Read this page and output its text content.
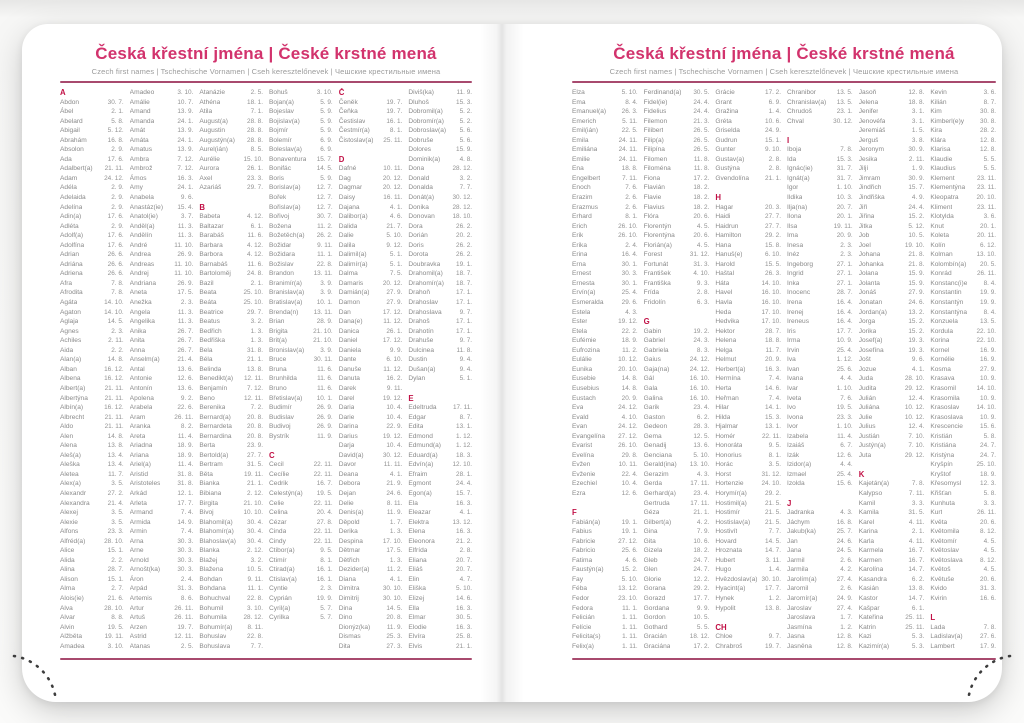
Česká křestní jména | České krstné mená
Czech first names | Tschechische Vornamen | Cseh keresztelőnevek | Чешские крестильные имена
A
Abdon	30. 7.
Ábel	2. 1.
Abelard	5. 8.
Abigail	5. 12.
Abrahám	16. 8.
Absolon	2. 9.
Ada	17. 6.
Adalbert(a) 21. 11.
Adam	24. 12.
Adéla	2. 9.
Adelaida	2. 9.
Adelína	2. 9.
Adin(a)	17. 6.
Adléta	2. 9.
Adolf(a)	17. 6.
Adolfína	17. 6.
Adrian	26. 6.
Adriána	26. 6.
Adriena	26. 6.
Afra	7. 8.
Afrodita	7. 8.
Agáta	14. 10.
Agaton	14. 10.
Aglaja	14. 5.
Agnes	2. 3.
Achiles	2. 11.
Aida	2. 2.
Alan(a)	14. 8.
Alban	16. 12.
Albena	16. 12.
Albert(a)	21. 11.
Albertýna	21. 11.
Albín(a)	16. 12.
Albrecht	21. 11.
Aldo	21. 11.
Alen	14. 8.
Alena	13. 8.
Aleš(a)	13. 4.
Aleška	13. 4.
Aletea	11. 7.
Alex(a)	3. 5.
Alexandr	27. 2.
Alexandra	21. 4.
Alexej	3. 5.
Alexie	3. 5.
Alfons	23. 3.
Alfréd(a)	28. 10.
Alice	15. 1.
Alida	2. 2.
Alina	28. 7.
Alison	15. 1.
Alma	2. 7.
Alois(ie)	21. 6.
Alva	28. 10.
Alvar	8. 8.
Alvin	19. 5.
Alžběta	19. 11.
Amadea	3. 10.
Amadeo	3. 10.
Amálie	10. 7.
Amand	13. 9.
Amanda	24. 1.
Amát	13. 9.
Amáta	24. 1.
Amatus	13. 9.
Ambra	7. 12.
Ambrož	7. 12.
Ámos	16. 3.
Amy	24. 1.
Anabela	9. 6.
Anastáz(ie) 15. 4.
Anatol(ie)	3. 7.
Anděl(a)	11. 3.
Andělín	11. 3.
André	11. 10.
Andrea	26. 9.
Andreas	11. 10.
Andrej	11. 10.
Andriana	26. 9.
Aneta	17. 5.
Anežka	2. 3.
Angela	11. 3.
Angelika	11. 3.
Anika	26. 7.
Anita	26. 7.
Anna	26. 7.
Anselm(a)	21. 4.
Antal	13. 6.
Antonie	12. 6.
Antonín	13. 6.
Apolena	9. 2.
Arabela	22. 6.
Aram	26. 11.
Aranka	8. 2.
Areta	11. 4.
Ariadna	18. 9.
Ariana	18. 9.
Ariel(a)	11. 4.
Aristid	31. 8.
Aristoteles	31. 8.
Arkád	12. 1.
Arleta	17. 7.
Armand	7. 4.
Armida	14. 9.
Armin	7. 4.
Arna	30. 3.
Arne	30. 3.
Arnold	30. 3.
Arnošt(ka)	30. 3.
Áron	2. 4.
Arpád	31. 3.
Artemis	8. 6.
Artur	26. 11.
Artuš	26. 11.
Arzen	19. 7.
Astrid	12. 11.
Atanas	2. 5.
Atanázie	2. 5.
Athéna	18. 1.
Atila	7. 1.
August(a)	28. 8.
Augustin	28. 8.
Augustýn(a) 28. 8.
Aurel(ián)	8. 5.
Aurélie	15. 10.
Aurora	26. 1.
Axel	23. 3.
Azariáš	29. 7.
B
Babeta	4. 12.
Baltazar	6. 1.
Barabáš	11. 6.
Barbara	4. 12.
Barbora	4. 12.
Barnabáš	11. 6.
Bartoloměj	24. 8.
Bazil	2. 1.
Beata	25. 10.
Beáta	25. 10.
Beatrice	29. 7.
Beatus	3. 2.
Bedřich	1. 3.
Bedřiška	1. 3.
Bela	31. 8.
Béla	21. 1.
Belinda	13. 8.
Benedikt(a) 12. 11.
Benjamín	7. 12.
Beno	12. 11.
Berenika	7. 2.
Bernard(a)	20. 8.
Bernardeta 20. 8.
Bernardina 20. 8.
Berta	23. 9.
Bertold(a)	27. 7.
Bertram	31. 5.
Běta	19. 11.
Bianka	21. 1.
Bibiana	2. 12.
Birgita	21. 10.
Bivoj	10. 10.
Blahomil(a) 30. 4.
Blahomír(a) 30. 4.
Blahoslav(a) 30. 4.
Blanka	2. 12.
Blažej	3. 2.
Blažena	10. 5.
Bohdan	9. 11.
Bohdana	11. 1.
Bohuchval	22. 8.
Bohumil	3. 10.
Bohumila	28. 12.
Bohumír(a) 8. 11.
Bohuslav	22. 8.
Bohuslava	7. 7.
Bohuš	3. 10.
Bojan(a)	5. 9.
Bojeslav	5. 9.
Bojislav(a)	5. 9.
Bojmír	5. 9.
Bolemír	6. 9.
Boleslav(a)	6. 9.
Bonaventura 15. 7.
Bonifác	14. 5.
Boris	5. 9.
Borislav(a)	12. 7.
Bořek	12. 7.
Bořislav(a)	12. 7.
Bořivoj	30. 7.
Božena	11. 2.
Božetěch(a) 26. 2.
Božidar	9. 11.
Božidara	11. 1.
Božislav	22. 8.
Brandon	13. 11.
Branimír(a)	3. 9.
Branislav(a)	3. 9.
Bratislav(a) 10. 1.
Brenda(n) 13. 11.
Brian	28. 9.
Brigita	21. 10.
Brit(a)	21. 10.
Bronislav(a)	3. 9.
Bruce	30. 11.
Bruna	11. 6.
Brunhilda	11. 6.
Bruno	11. 6.
Břetislav(a) 10. 1.
Budimír	26. 9.
Budislav	26. 9.
Budivoj	26. 9.
Bystrík	11. 9.
C
Cecil	22. 11.
Cecílie	22. 11.
Cedrik	16. 7.
Celestýn(a) 19. 5.
Celie	22. 11.
Celina	20. 4.
Cézar	27. 8.
Cinda	22. 11.
Cindy	22. 11.
Ctibor(a)	9. 5.
Ctimír	8. 1.
Ctirad(a)	16. 1.
Ctislav(a)	16. 1.
Cyntie	2. 3.
Cyprián	19. 9.
Cyril(a)	5. 7.
Cyrilka	5. 7.
Č
Čeněk	19. 7.
Čeňka	19. 7.
Čestislav	16. 1.
Čestmír(a)	8. 1.
Čistoslav(a) 25. 11.
D
Dafné	10. 11.
Dag	20. 12.
Dagmar	20. 12.
Daisy	16. 11.
Dajana	4. 1.
Dalibor(a)	4. 6.
Dalida	21. 7.
Dalie	5. 10.
Dalila	9. 12.
Dalimil(a)	5. 1.
Dalimír(a)	5. 1.
Dalma	7. 5.
Damaris	20. 12.
Damián(a)	27. 9.
Damon	27. 9.
Dan	17. 12.
Dana(e)	11. 12.
Danica	26. 1.
Daniel	17. 12.
Daniela	9. 9.
Dante	6. 10.
Danuše	11. 12.
Danuta	16. 2.
Darek	9. 11.
Darel	19. 12.
Daria	10. 4.
Darie	10. 4.
Darina	22. 9.
Darius	19. 12.
Darja	10. 4.
David(a)	30. 12.
Davor	11. 11.
Deana	4. 1.
Debora	21. 9.
Dejan	24. 6.
Delie	8. 11.
Denis(a)	11. 9.
Děpold	1. 7.
Derika	1. 3.
Despina	17. 10.
Dětmar	17. 5.
Dětřich	1. 3.
Dezider(a)	11. 2.
Diana	4. 1.
Dimitra	30. 10.
Dimitrij	30. 10.
Dina	14. 5.
Dino	20. 8.
Dionýz(ka)	11. 9.
Dismas	25. 3.
Dita	27. 3.
Diviš(ka)	11. 9.
Dluhoš	15. 3.
Dobromil(a)	5. 2.
Dobromír(a) 5. 2.
Dobroslav(a) 5. 6.
Dobruše	5. 6.
Dolores	15. 9.
Dominik(a)	4. 8.
Dona	28. 12.
Donald	3. 2.
Donalda	7. 7.
Donát(a)	30. 12.
Donika	28. 12.
Donovan	18. 10.
Dora	26. 2.
Dorián	20. 2.
Doris	26. 2.
Dorota	26. 2.
Doubravka 19. 1.
Drahomil(a) 18. 7.
Drahomír(a) 18. 7.
Drahoň	17. 1.
Drahoslav	17. 1.
Drahoslava	9. 7.
Drahoš	17. 1.
Drahotín	17. 1.
Drahuše	9. 7.
Dulcinea	11. 8.
Dustin	9. 4.
Dušan(a)	9. 4.
Dylan	5. 1.
E
Edeltruda	17. 11.
Edgar	8. 7.
Edita	13. 1.
Edmond	1. 12.
Edmund(a) 1. 12.
Eduard(a)	18. 3.
Edvín(a)	12. 10.
Efraim	28. 1.
Egmont	24. 4.
Egon(a)	15. 7.
Ela	16. 3.
Eleazar	4. 1.
Elektra	13. 12.
Elena	16. 3.
Eleonora	21. 2.
Elfrída	2. 8.
Eliana	20. 7.
Eliáš	20. 7.
Elin	4. 7.
Eliška	5. 10.
Elizej	14. 6.
Ella	16. 3.
Elmar	30. 5.
Elodie	16. 3.
Elvíra	25. 8.
Elvis	21. 1.
Česká křestní jména | České krstné mená
Czech first names | Tschechische Vornamen | Cseh keresztelőnevek | Чешские крестильные имена
Elza	5. 10.
Ema	8. 4.
Emanuel(a) 26. 3.
Emerich	5. 11.
Emil(ián)	22. 5.
Emila	24. 11.
Emiliána	24. 11.
Emilie	24. 11.
Ena	18. 8.
Engelbert	7. 11.
Enoch	7. 6.
Erazim	2. 6.
Erazmus	2. 6.
Erhard	8. 1.
Erich	26. 10.
Erik	26. 10.
Erika	2. 4.
Erina	16. 4.
Erna	30. 1.
Ernest	30. 3.
Ernesta	30. 1.
Ervín(a)	25. 4.
Esmeralda	29. 6.
Estela	4. 3.
Ester	19. 12.
Etela	22. 2.
Eufémie	18. 9.
Eufrozina	11. 2.
Eulálie	10. 12.
Eunika	20. 10.
Eusebie	14. 8.
Eusebius	14. 8.
Eustach	20. 9.
Eva	24. 12.
Evald	4. 10.
Evan	24. 12.
Evangelína 27. 12.
Evarist	26. 10.
Evelína	29. 8.
Evžen	10. 11.
Evženie	22. 4.
Ezechiel	10. 4.
Ezra	12. 6.
F
Fabián(a)	19. 1.
Fabius	19. 1.
Fabricie	27. 12.
Fabricio	25. 6.
Fatima	4. 6.
Faustýn(a)	15. 2.
Fay	5. 10.
Féba	13. 12.
Fedor	23. 10.
Fedora	11. 1.
Felicián	1. 11.
Felície	1. 11.
Felicita(s)	1. 11.
Felix(a)	1. 11.
Ferdinand(a) 30. 5.
Fidel(ie)	24. 4.
Fidelius	24. 4.
Filemon	21. 3.
Filibert	26. 5.
Filip(a)	26. 5.
Filipína	26. 5.
Filomen	11. 8.
Filoména	11. 8.
Fiona	17. 2.
Flavián	18. 2.
Flavie	18. 2.
Flavius	18. 2.
Flóra	20. 6.
Florentýn	4. 5.
Florentýna	20. 6.
Florián(a)	4. 5.
Forest	31. 12.
Fortunát	31. 3.
František	4. 10.
Františka	9. 3.
Frída	2. 8.
Fridolín	6. 3.
G
Gabin	19. 2.
Gabriel	24. 3.
Gabriela	8. 3.
Gaius	24. 12.
Gaja(na)	24. 12.
Gál	16. 10.
Gala	16. 10.
Galina	16. 10.
Garik	23. 4.
Gaston	6. 2.
Gedeon	28. 3.
Gema	12. 5.
Genadij	13. 6.
Genciana	5. 10.
Gerald(ina) 13. 10.
Gerazim	4. 3.
Gerda	17. 11.
Gerhard(a)	23. 4.
Gertruda	17. 11.
Géza	21. 1.
Gilbert(a)	4. 2.
Gina	7. 9.
Gita	10. 6.
Gizela	18. 2.
Gleb	24. 7.
Glen	24. 7.
Glorie	12. 2.
Gorana	29. 2.
Gorazd	17. 7.
Gordana	9. 9.
Gordon	10. 5.
Gothard	5. 5.
Gracián	18. 12.
Graciána	17. 2.
Grácie	17. 2.
Grant	6. 9.
Gražina	1. 4.
Gréta	10. 6.
Griselda	24. 9.
Gudrun	15. 1.
Gunter	9. 10.
Gustav(a)	2. 8.
Gustýna	2. 8.
Gvendolína 21. 1.
H
Hagar	20. 3.
Haidi	27. 7.
Haidrun	27. 7.
Hamilton	29. 2.
Hana	15. 8.
Hanuš(e)	6. 10.
Harold	15. 5.
Haštal	26. 3.
Háta	14. 10.
Havel	16. 10.
Havla	16. 10.
Heda	17. 10.
Hedvika	17. 10.
Hektor	28. 7.
Helena	18. 8.
Helga	11. 7.
Helmut	20. 9.
Herbert(a)	16. 3.
Hermína	7. 4.
Herta	14. 6.
Heřman	7. 4.
Hilar	14. 1.
Hilda	15. 3.
Hjalmar	13. 1.
Homér	22. 11.
Honoráta	9. 5.
Honorius	8. 1.
Horác	3. 5.
Horst	31. 12.
Hortenzie	24. 10.
Horymír(a)	29. 2.
Hostimil(a)	21. 5.
Hostimír	21. 5.
Hostislav(a) 21. 5.
Hostivít	7. 7.
Hovard	14. 5.
Hroznata	14. 7.
Hubert	3. 11.
Hugo	1. 4.
Hvězdoslav(a) 30. 10.
Hyacint(a)	17. 7.
Hynek	1. 2.
Hypolit	13. 8.
CH
Chloe	9. 7.
Chrabroš	19. 7.
Chranibor	13. 5.
Chranislav(a) 13. 5.
Chrudoš	23. 1.
Chval	30. 12.
I
Iboja	7. 8.
Ida	15. 3.
Ignác(ie)	31. 7.
Ignát(a)	31. 7.
Igor	1. 10.
Ildika	10. 3.
Ilja(na)	20. 7.
Ilona	20. 1.
Ilsa	19. 11.
Ima	20. 9.
Inesa	2. 3.
Inéz	2. 3.
Ingeborg	27. 1.
Ingrid	27. 1.
Inka	27. 1.
Inocenc	28. 7.
Irena	16. 4.
Irenej	16. 4.
Ireneus	16. 4.
Iris	17. 7.
Irma	10. 9.
Irvin	25. 4.
Iva	1. 12.
Ivan	25. 6.
Ivana	4. 4.
Ivar	1. 10.
Iveta	7. 6.
Ivo	19. 5.
Ivona	23. 3.
Ivor	1. 10.
Izabela	11. 4.
Izaiáš	6. 7.
Izák	12. 6.
Izidor(a)	4. 4.
Izmael	25. 4.
Izolda	15. 6.
J
Jadranka	4. 3.
Jáchym	16. 8.
Jakub(ka)	25. 7.
Jan	24. 6.
Jana	24. 5.
Jarmil	2. 6.
Jarmila	4. 2.
Jarolím(a)	27. 4.
Jaromil	2. 6.
Jaromír(a)	24. 9.
Jaroslav	27. 4.
Jaroslava	1. 7.
Jasmína	1. 2.
Jasna	12. 8.
Jasněna	12. 8.
Jasoň	12. 8.
Jelena	18. 8.
Jenifer	3. 1.
Jenovéfa	3. 1.
Jeremiáš	1. 5.
Jerguš	3. 8.
Jeronym	30. 9.
Jesika	2. 11.
Jiljí	1. 9.
Jimram	30. 9.
Jindřich	15. 7.
Jindřiška	4. 9.
Jiří	24. 4.
Jiřina	15. 2.
Jitka	5. 12.
Job	10. 5.
Joel	19. 10.
Johana	21. 8.
Johanka	21. 8.
Jolana	15. 9.
Jolanta	15. 9.
Jonáš	27. 9.
Jonatan	24. 6.
Jordan(a)	13. 2.
Jorga	15. 2.
Jorika	15. 2.
Josef(a)	19. 3.
Josefína	19. 3.
Jošt	9. 6.
Jozue	4. 1.
Juda	28. 10.
Judita	29. 12.
Julián	12. 4.
Juliána	10. 12.
Julie	10. 12.
Julius	12. 4.
Justián	7. 10.
Justýn(a)	7. 10.
Juta	29. 12.
K
Kajetán(a)	7. 8.
Kalypso	7. 11.
Kamil	3. 3.
Kamila	31. 5.
Karel	4. 11.
Karina	2. 1.
Karla	4. 11.
Karmela	16. 7.
Karmen	16. 7.
Karolína	14. 7.
Kasandra	6. 2.
Kasián	13. 8.
Kastor	14. 7.
Kašpar	6. 1.
Kateřina	25. 11.
Katrin	25. 11.
Kazi	5. 3.
Kazimír(a)	5. 3.
Kevin	3. 6.
Kilián	8. 7.
Kim	30. 8.
Kimberl(e)y 30. 8.
Kira	28. 2.
Klára	12. 8.
Klarisa	12. 8.
Klaudie	5. 5.
Klaudius	5. 5.
Klement	23. 11.
Klementýna 23. 11.
Kleopatra	20. 10.
Kliment	23. 11.
Klotylda	3. 6.
Knut	20. 1.
Koleta	20. 11.
Kolín	6. 12.
Kolman	13. 10.
Kolombín(a) 20. 5.
Konrád	26. 11.
Konstanc(i)e	8. 4.
Konstantin	19. 9.
Konstantýn	19. 9.
Konstantýna	8. 4.
Konzuela	13. 5.
Kordula	22. 10.
Korina	22. 10.
Kornel	16. 9.
Kornélie	16. 9.
Kosma	27. 9.
Krasava	10. 9.
Krasomil	14. 10.
Krasomila	10. 9.
Krasoslav	14. 10.
Krasoslava	10. 9.
Krescencie	15. 6.
Kristián	5. 8.
Kristiána	24. 7.
Kristýna	24. 7.
Kryšpín	25. 10.
Kryštof	18. 9.
Křesomysl	12. 3.
Křišťan	5. 8.
Kunhuta	3. 3.
Kurt	26. 11.
Květa	20. 6.
Květomila	8. 12.
Květomír	4. 5.
Květoslav	4. 5.
Květoslava	8. 12.
Květoš	4. 5.
Květuše	20. 6.
Kvido	31. 3.
Kvirin	16. 6.
L
Lada	7. 8.
Ladislav(a)	27. 6.
Lambert	17. 9.
